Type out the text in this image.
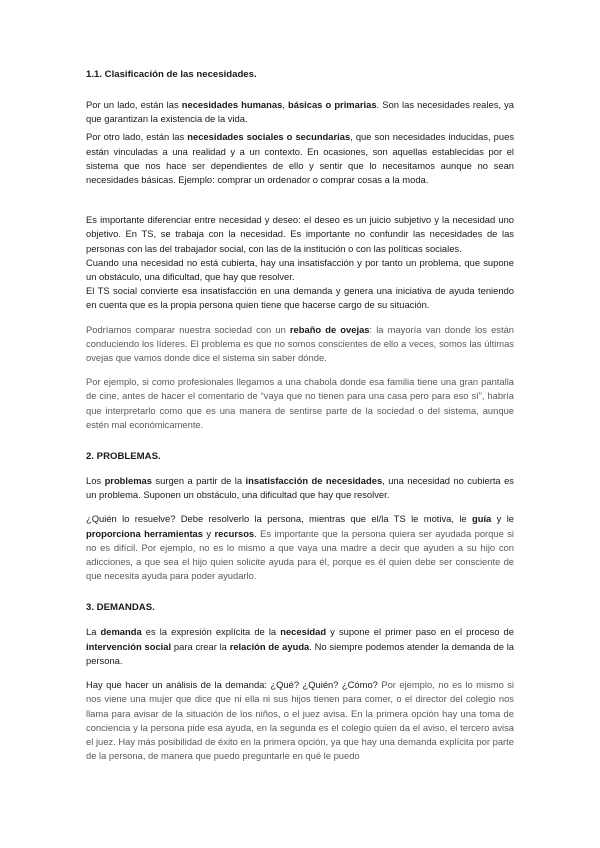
1.1. Clasificación de las necesidades.

Por un lado, están las necesidades humanas, básicas o primarias. Son las necesidades reales, ya que garantizan la existencia de la vida.

Por otro lado, están las necesidades sociales o secundarias, que son necesidades inducidas, pues están vinculadas a una realidad y a un contexto. En ocasiones, son aquellas establecidas por el sistema que nos hace ser dependientes de ello y sentir que lo necesitamos aunque no sean necesidades básicas. Ejemplo: comprar un ordenador o comprar cosas a la moda.

Es importante diferenciar entre necesidad y deseo: el deseo es un juicio subjetivo y la necesidad uno objetivo. En TS, se trabaja con la necesidad. Es importante no confundir las necesidades de las personas con las del trabajador social, con las de la institución o con las políticas sociales.

Cuando una necesidad no está cubierta, hay una insatisfacción y por tanto un problema, que supone un obstáculo, una dificultad, que hay que resolver.

El TS social convierte esa insatisfacción en una demanda y genera una iniciativa de ayuda teniendo en cuenta que es la propia persona quien tiene que hacerse cargo de su situación.

Podríamos comparar nuestra sociedad con un rebaño de ovejas: la mayoría van donde los están conduciendo los líderes. El problema es que no somos conscientes de ello a veces, somos las últimas ovejas que vamos donde dice el sistema sin saber dónde.

Por ejemplo, si como profesionales llegamos a una chabola donde esa familia tiene una gran pantalla de cine, antes de hacer el comentario de “vaya que no tienen para una casa pero para eso sí”, habría que interpretarlo como que es una manera de sentirse parte de la sociedad o del sistema, aunque estén mal económicamente.

2. PROBLEMAS.

Los problemas surgen a partir de la insatisfacción de necesidades, una necesidad no cubierta es un problema. Suponen un obstáculo, una dificultad que hay que resolver.

¿Quién lo resuelve? Debe resolverlo la persona, mientras que el/la TS le motiva, le guía y le proporciona herramientas y recursos. Es importante que la persona quiera ser ayudada porque si no es difícil. Por ejemplo, no es lo mismo a que vaya una madre a decir que ayuden a su hijo con adicciones, a que sea el hijo quien solicite ayuda para él, porque es él quien debe ser consciente de que necesita ayuda para poder ayudarlo.

3. DEMANDAS.

La demanda es la expresión explícita de la necesidad y supone el primer paso en el proceso de intervención social para crear la relación de ayuda. No siempre podemos atender la demanda de la persona.

Hay que hacer un análisis de la demanda: ¿Qué? ¿Quién? ¿Cómo? Por ejemplo, no es lo mismo si nos viene una mujer que dice que ni ella ni sus hijos tienen para comer, o el director del colegio nos llama para avisar de la situación de los niños, o el juez avisa. En la primera opción hay una toma de conciencia y la persona pide esa ayuda, en la segunda es el colegio quien da el aviso, el tercero avisa el juez. Hay más posibilidad de éxito en la primera opción, ya que hay una demanda explícita por parte de la persona, de manera que puedo preguntarle en qué le puedo
